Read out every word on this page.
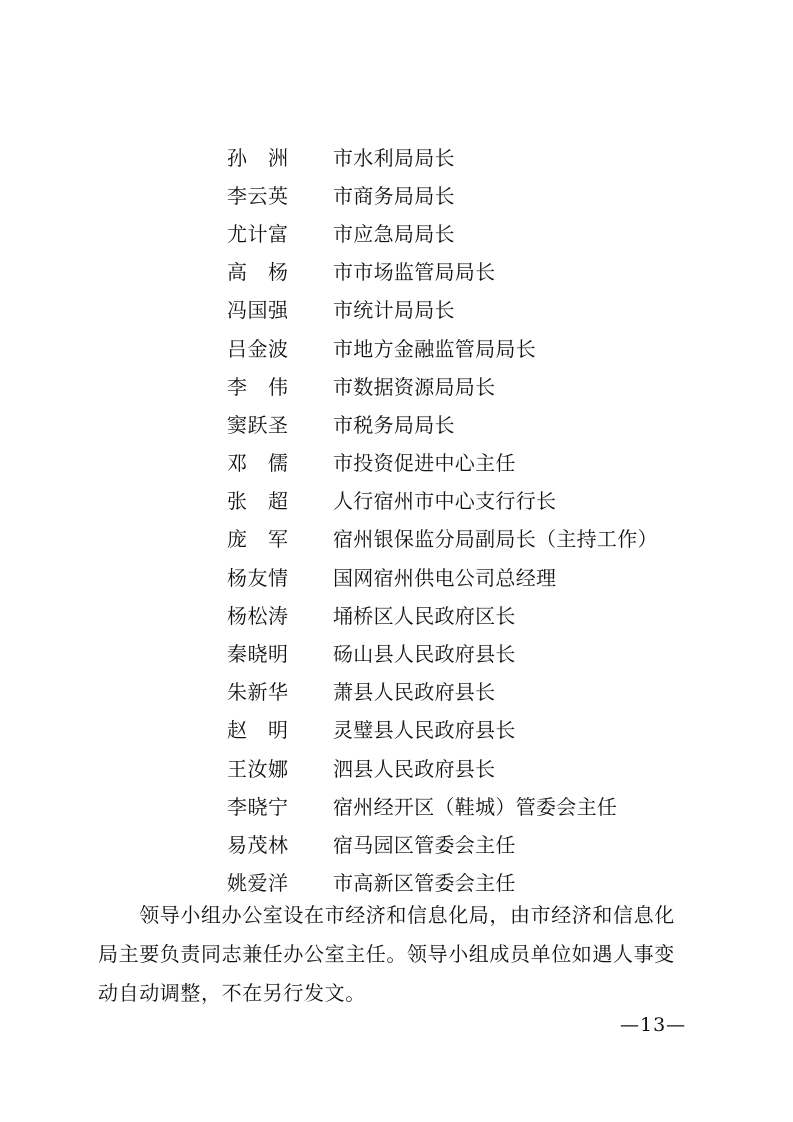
孙　洲	市水利局局长
李云英	市商务局局长
尤计富	市应急局局长
高　杨	市市场监管局局长
冯国强	市统计局局长
吕金波	市地方金融监管局局长
李　伟	市数据资源局局长
窦跃圣	市税务局局长
邓　儒	市投资促进中心主任
张　超	人行宿州市中心支行行长
庞　军	宿州银保监分局副局长（主持工作）
杨友情	国网宿州供电公司总经理
杨松涛	埇桥区人民政府区长
秦晓明	砀山县人民政府县长
朱新华	萧县人民政府县长
赵　明	灵璧县人民政府县长
王汝娜	泗县人民政府县长
李晓宁	宿州经开区（鞋城）管委会主任
易茂林	宿马园区管委会主任
姚爱洋	市高新区管委会主任

　　领导小组办公室设在市经济和信息化局，由市经济和信息化

局主要负责同志兼任办公室主任。领导小组成员单位如遇人事变

动自动调整，不在另行发文。

—13—
